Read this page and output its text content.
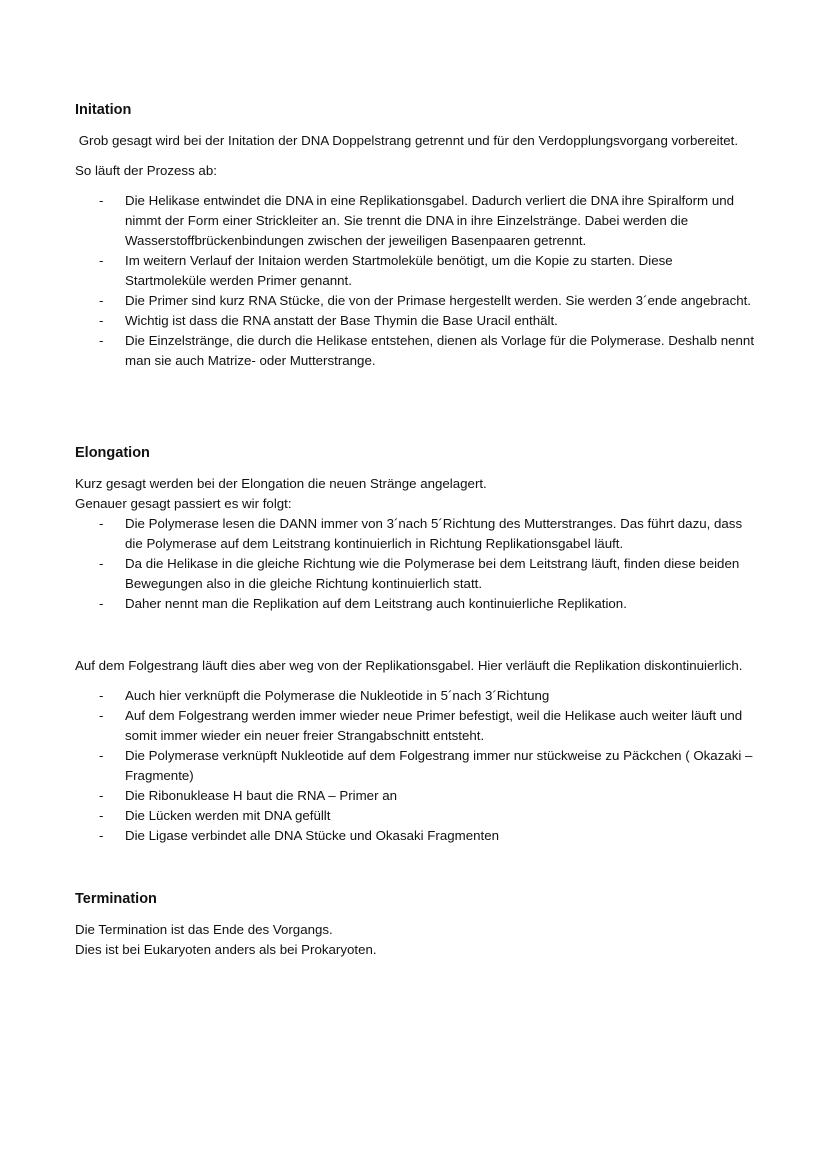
Initation

Grob gesagt wird bei der Initation der DNA Doppelstrang getrennt und für den Verdopplungsvorgang vorbereitet.

So läuft der Prozess ab:

- Die Helikase entwindet die DNA in eine Replikationsgabel. Dadurch verliert die DNA ihre Spiralform und nimmt der Form einer Strickleiter an. Sie trennt die DNA in ihre Einzelstränge. Dabei werden die Wasserstoffbrückenbindungen zwischen der jeweiligen Basenpaaren getrennt.
- Im weitern Verlauf der Initaion werden Startmoleküle benötigt, um die Kopie zu starten. Diese Startmoleküle werden Primer genannt.
- Die Primer sind kurz RNA Stücke, die von der Primase hergestellt werden. Sie werden 3´ende angebracht.
- Wichtig ist dass die RNA anstatt der Base Thymin die Base Uracil enthält.
- Die Einzelstränge, die durch die Helikase entstehen, dienen als Vorlage für die Polymerase. Deshalb nennt man sie auch Matrize- oder Mutterstrange.
Elongation

Kurz gesagt werden bei der Elongation die neuen Stränge angelagert.

Genauer gesagt passiert es wir folgt:

- Die Polymerase lesen die DANN immer von 3´nach 5´Richtung des Mutterstranges. Das führt dazu, dass die Polymerase auf dem Leitstrang kontinuierlich in Richtung Replikationsgabel läuft.
- Da die Helikase in die gleiche Richtung wie die Polymerase bei dem Leitstrang läuft, finden diese beiden Bewegungen also in die gleiche Richtung kontinuierlich statt.
- Daher nennt man die Replikation auf dem Leitstrang auch kontinuierliche Replikation.

Auf dem Folgestrang läuft dies aber weg von der Replikationsgabel. Hier verläuft die Replikation diskontinuierlich.

- Auch hier verknüpft die Polymerase die Nukleotide in 5´nach 3´Richtung
- Auf dem Folgestrang werden immer wieder neue Primer befestigt, weil die Helikase auch weiter läuft und somit immer wieder ein neuer freier Strangabschnitt entsteht.
- Die Polymerase verknüpft Nukleotide auf dem Folgestrang immer nur stückweise zu Päckchen ( Okazaki – Fragmente)
- Die Ribonuklease H baut die RNA – Primer an
- Die Lücken werden mit DNA gefüllt
- Die Ligase verbindet alle DNA Stücke und Okasaki Fragmenten
Termination

Die Termination ist das Ende des Vorgangs.

Dies ist bei Eukaryoten anders als bei Prokaryoten.
